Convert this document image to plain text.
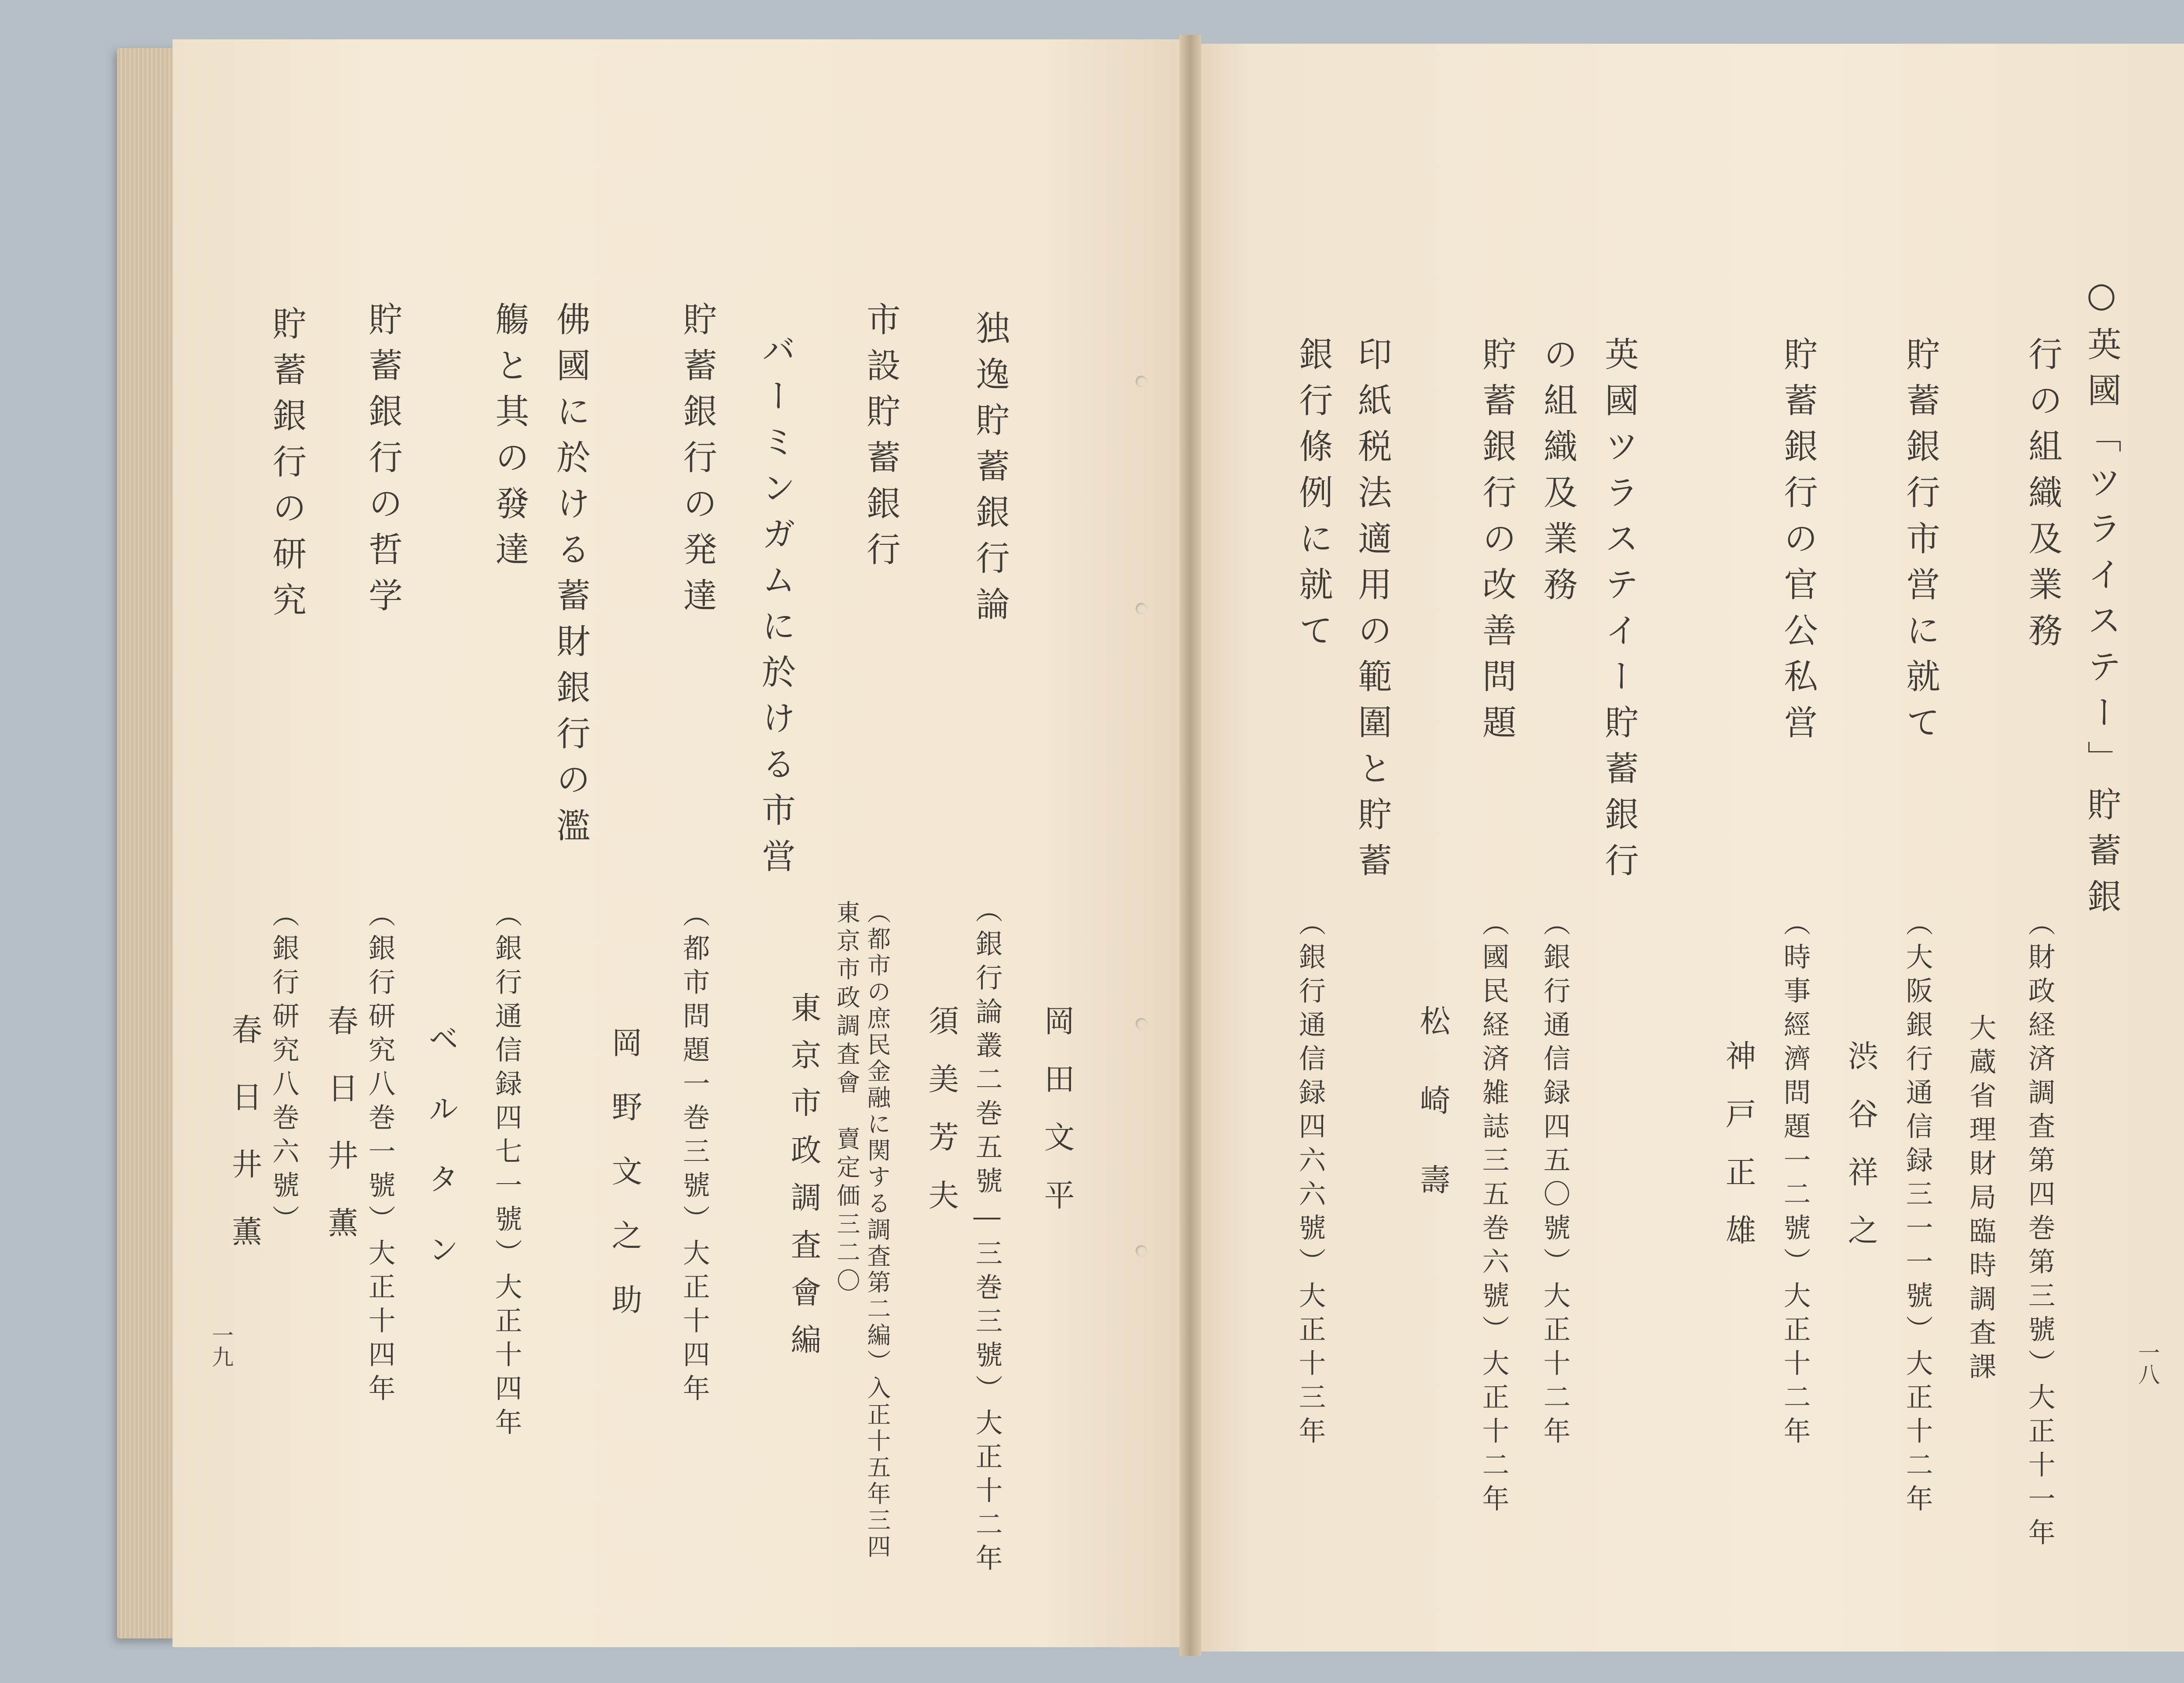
○英國「ツライステー」貯蓄銀
行の組織及業務
（財政経済調査第四巻第三號）大正十一年
大蔵省理財局臨時調査課
貯蓄銀行市営に就て
（大阪銀行通信録三一一號）大正十二年
渋谷祥之
貯蓄銀行の官公私営
（時事經濟問題一二號）大正十二年
神戸正雄
英國ツラステイー貯蓄銀行
の組織及業務
（銀行通信録四五〇號）大正十二年
貯蓄銀行の改善問題
（國民経済雑誌三五巻六號）大正十二年
松崎壽
印紙税法適用の範圍と貯蓄
銀行條例に就て
（銀行通信録四六六號）大正十三年	一八
独逸貯蓄銀行論
（銀行論叢二巻五號―三巻三號）大正十二年 岡田文平
市設貯蓄銀行
（都市の庶民金融に関する調査第二編）入正十五年三四
東京市政調査會　賣定価三二〇 須美芳夫
バーミンガムに於ける市営
東京市政調査會編
貯蓄銀行の発達
（都市問題一巻三號）大正十四年
岡野文之助
佛國に於ける蓄財銀行の濫
觴と其の發達
（銀行通信録四七一號）大正十四年
ベルタン
貯蓄銀行の哲学
（銀行研究八巻一號）大正十四年
春日井薫
貯蓄銀行の研究
（銀行研究八巻六號）
春日井薫
一九
